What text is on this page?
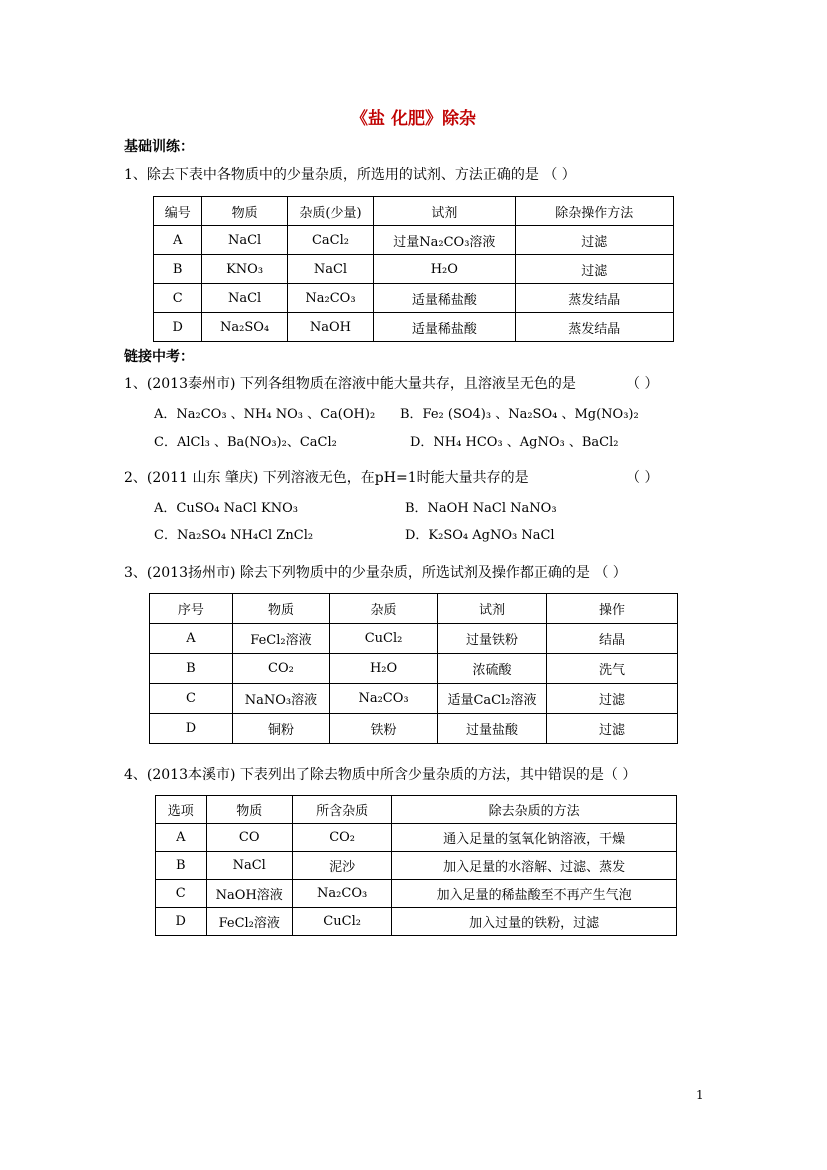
《盐 化肥》除杂
基础训练：
1、除去下表中各物质中的少量杂质，所选用的试剂、方法正确的是 （ ）
编号	物质	杂质(少量)	试剂	除杂操作方法
A	NaCl	CaCl₂	过量Na₂CO₃溶液	过滤
B	KNO₃	NaCl	H₂O	过滤
C	NaCl	Na₂CO₃	适量稀盐酸	蒸发结晶
D	Na₂SO₄	NaOH	适量稀盐酸	蒸发结晶
链接中考：
1、(2013泰州市) 下列各组物质在溶液中能大量共存，且溶液呈无色的是	（ ）
A．Na₂CO₃ 、NH₄ NO₃ 、Ca(OH)₂ B．Fe₂ (SO4)₃ 、Na₂SO₄ 、Mg(NO₃)₂
C．AlCl₃ 、Ba(NO₃)₂、CaCl₂	D．NH₄ HCO₃ 、AgNO₃ 、BaCl₂
2、(2011 山东 肇庆) 下列溶液无色，在pH=1时能大量共存的是	（ ）
A．CuSO₄ NaCl KNO₃	B．NaOH NaCl NaNO₃
C．Na₂SO₄ NH₄Cl ZnCl₂	D．K₂SO₄ AgNO₃ NaCl
3、(2013扬州市) 除去下列物质中的少量杂质，所选试剂及操作都正确的是 （ ）
序号	物质	杂质	试剂	操作
A	FeCl₂溶液	CuCl₂	过量铁粉	结晶
B	CO₂	H₂O	浓硫酸	洗气
C	NaNO₃溶液	Na₂CO₃	适量CaCl₂溶液	过滤
D	铜粉	铁粉	过量盐酸	过滤
4、(2013本溪市) 下表列出了除去物质中所含少量杂质的方法，其中错误的是（ ）
选项	物质	所含杂质	除去杂质的方法
A	CO	CO₂	通入足量的氢氧化钠溶液，干燥
B	NaCl	泥沙	加入足量的水溶解、过滤、蒸发
C	NaOH溶液	Na₂CO₃	加入足量的稀盐酸至不再产生气泡
D	FeCl₂溶液	CuCl₂	加入过量的铁粉，过滤
1
